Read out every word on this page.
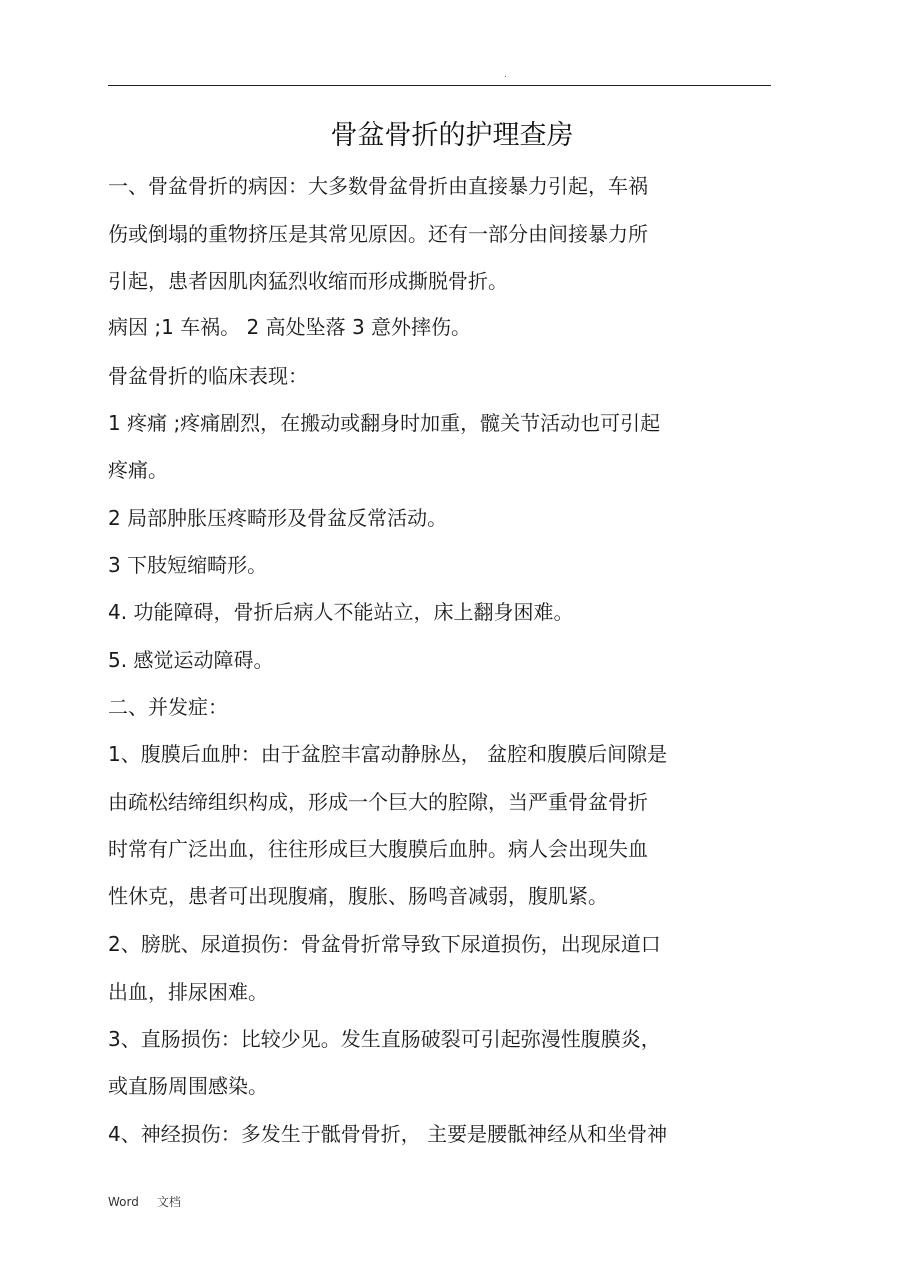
.
骨盆骨折的护理查房
一、骨盆骨折的病因：大多数骨盆骨折由直接暴力引起，车祸
伤或倒塌的重物挤压是其常见原因。还有一部分由间接暴力所
引起，患者因肌肉猛烈收缩而形成撕脱骨折。
病因 ;1 车祸。 2 高处坠落 3 意外摔伤。
骨盆骨折的临床表现：
1 疼痛 ;疼痛剧烈，在搬动或翻身时加重，髋关节活动也可引起
疼痛。
2 局部肿胀压疼畸形及骨盆反常活动。
3 下肢短缩畸形。
4. 功能障碍，骨折后病人不能站立，床上翻身困难。
5. 感觉运动障碍。
二、并发症：
1、腹膜后血肿：由于盆腔丰富动静脉丛， 盆腔和腹膜后间隙是
由疏松结缔组织构成，形成一个巨大的腔隙，当严重骨盆骨折
时常有广泛出血，往往形成巨大腹膜后血肿。病人会出现失血
性休克，患者可出现腹痛，腹胀、肠鸣音减弱，腹肌紧。
2、膀胱、尿道损伤：骨盆骨折常导致下尿道损伤，出现尿道口
出血，排尿困难。
3、直肠损伤：比较少见。发生直肠破裂可引起弥漫性腹膜炎，
或直肠周围感染。
4、神经损伤：多发生于骶骨骨折， 主要是腰骶神经从和坐骨神
Word 文档
